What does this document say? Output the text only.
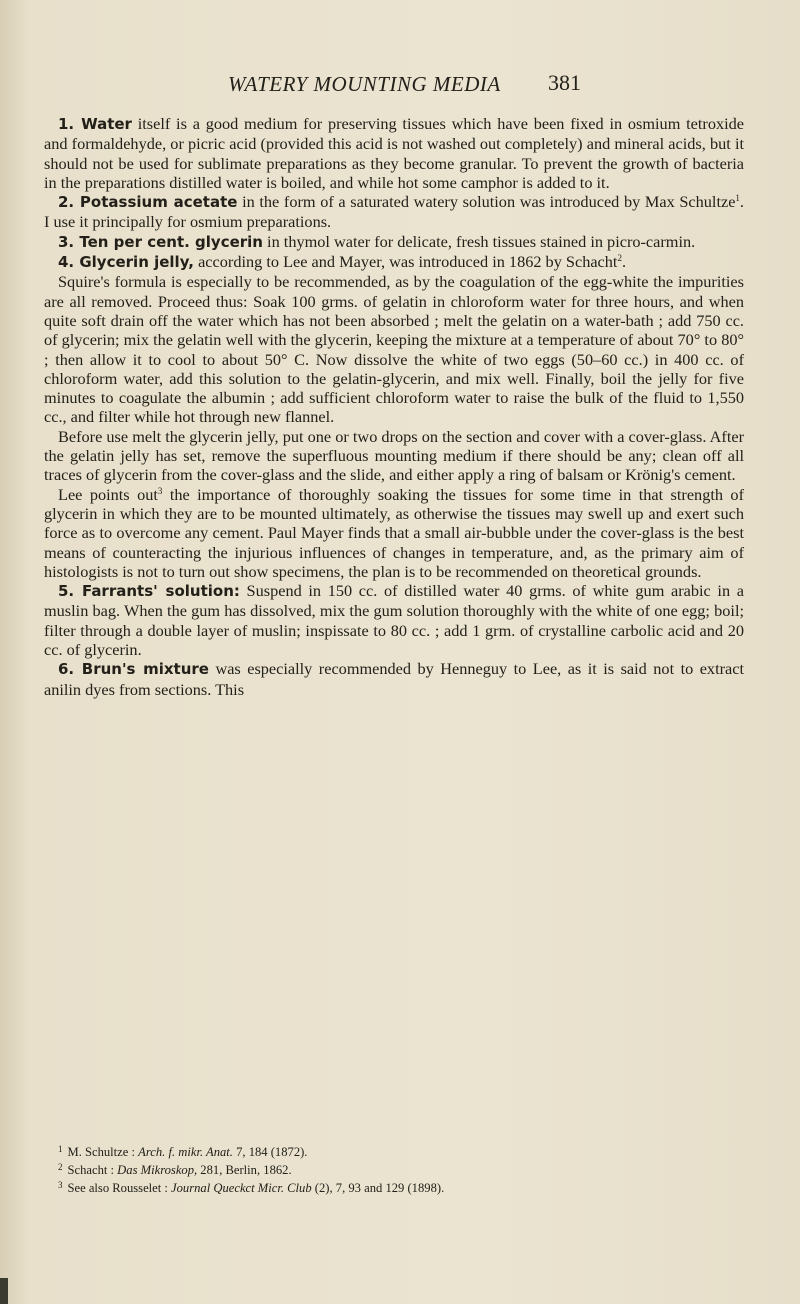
WATERY MOUNTING MEDIA 381

1. Water itself is a good medium for preserving tissues which have been fixed in osmium tetroxide and formaldehyde, or picric acid (provided this acid is not washed out completely) and mineral acids, but it should not be used for sublimate preparations as they become granular. To prevent the growth of bacteria in the preparations distilled water is boiled, and while hot some camphor is added to it.

2. Potassium acetate in the form of a saturated watery solution was introduced by Max Schultze$^1$. I use it principally for osmium preparations.

3. Ten per cent. glycerin in thymol water for delicate, fresh tissues stained in picro-carmin.

4. Glycerin jelly, according to Lee and Mayer, was introduced in 1862 by Schacht$^2$.

Squire's formula is especially to be recommended, as by the coagulation of the egg-white the impurities are all removed. Proceed thus: Soak 100 grms. of gelatin in chloroform water for three hours, and when quite soft drain off the water which has not been absorbed ; melt the gelatin on a water-bath ; add 750 cc. of glycerin; mix the gelatin well with the glycerin, keeping the mixture at a temperature of about 70° to 80° ; then allow it to cool to about 50° C. Now dissolve the white of two eggs (50–60 cc.) in 400 cc. of chloroform water, add this solution to the gelatin-glycerin, and mix well. Finally, boil the jelly for five minutes to coagulate the albumin ; add sufficient chloroform water to raise the bulk of the fluid to 1,550 cc., and filter while hot through new flannel.

Before use melt the glycerin jelly, put one or two drops on the section and cover with a cover-glass. After the gelatin jelly has set, remove the superfluous mounting medium if there should be any; clean off all traces of glycerin from the cover-glass and the slide, and either apply a ring of balsam or Krönig's cement.

Lee points out$^3$ the importance of thoroughly soaking the tissues for some time in that strength of glycerin in which they are to be mounted ultimately, as otherwise the tissues may swell up and exert such force as to overcome any cement. Paul Mayer finds that a small air-bubble under the cover-glass is the best means of counteracting the injurious influences of changes in temperature, and, as the primary aim of histologists is not to turn out show specimens, the plan is to be recommended on theoretical grounds.

5. Farrants' solution: Suspend in 150 cc. of distilled water 40 grms. of white gum arabic in a muslin bag. When the gum has dissolved, mix the gum solution thoroughly with the white of one egg; boil; filter through a double layer of muslin; inspissate to 80 cc. ; add 1 grm. of crystalline carbolic acid and 20 cc. of glycerin.

6. Brun's mixture was especially recommended by Henneguy to Lee, as it is said not to extract anilin dyes from sections. This

$^1$ M. Schultze : Arch. f. mikr. Anat. 7, 184 (1872).

$^2$ Schacht : Das Mikroskop, 281, Berlin, 1862.

$^3$ See also Rousselet : Journal Queckct Micr. Club (2), 7, 93 and 129 (1898).
